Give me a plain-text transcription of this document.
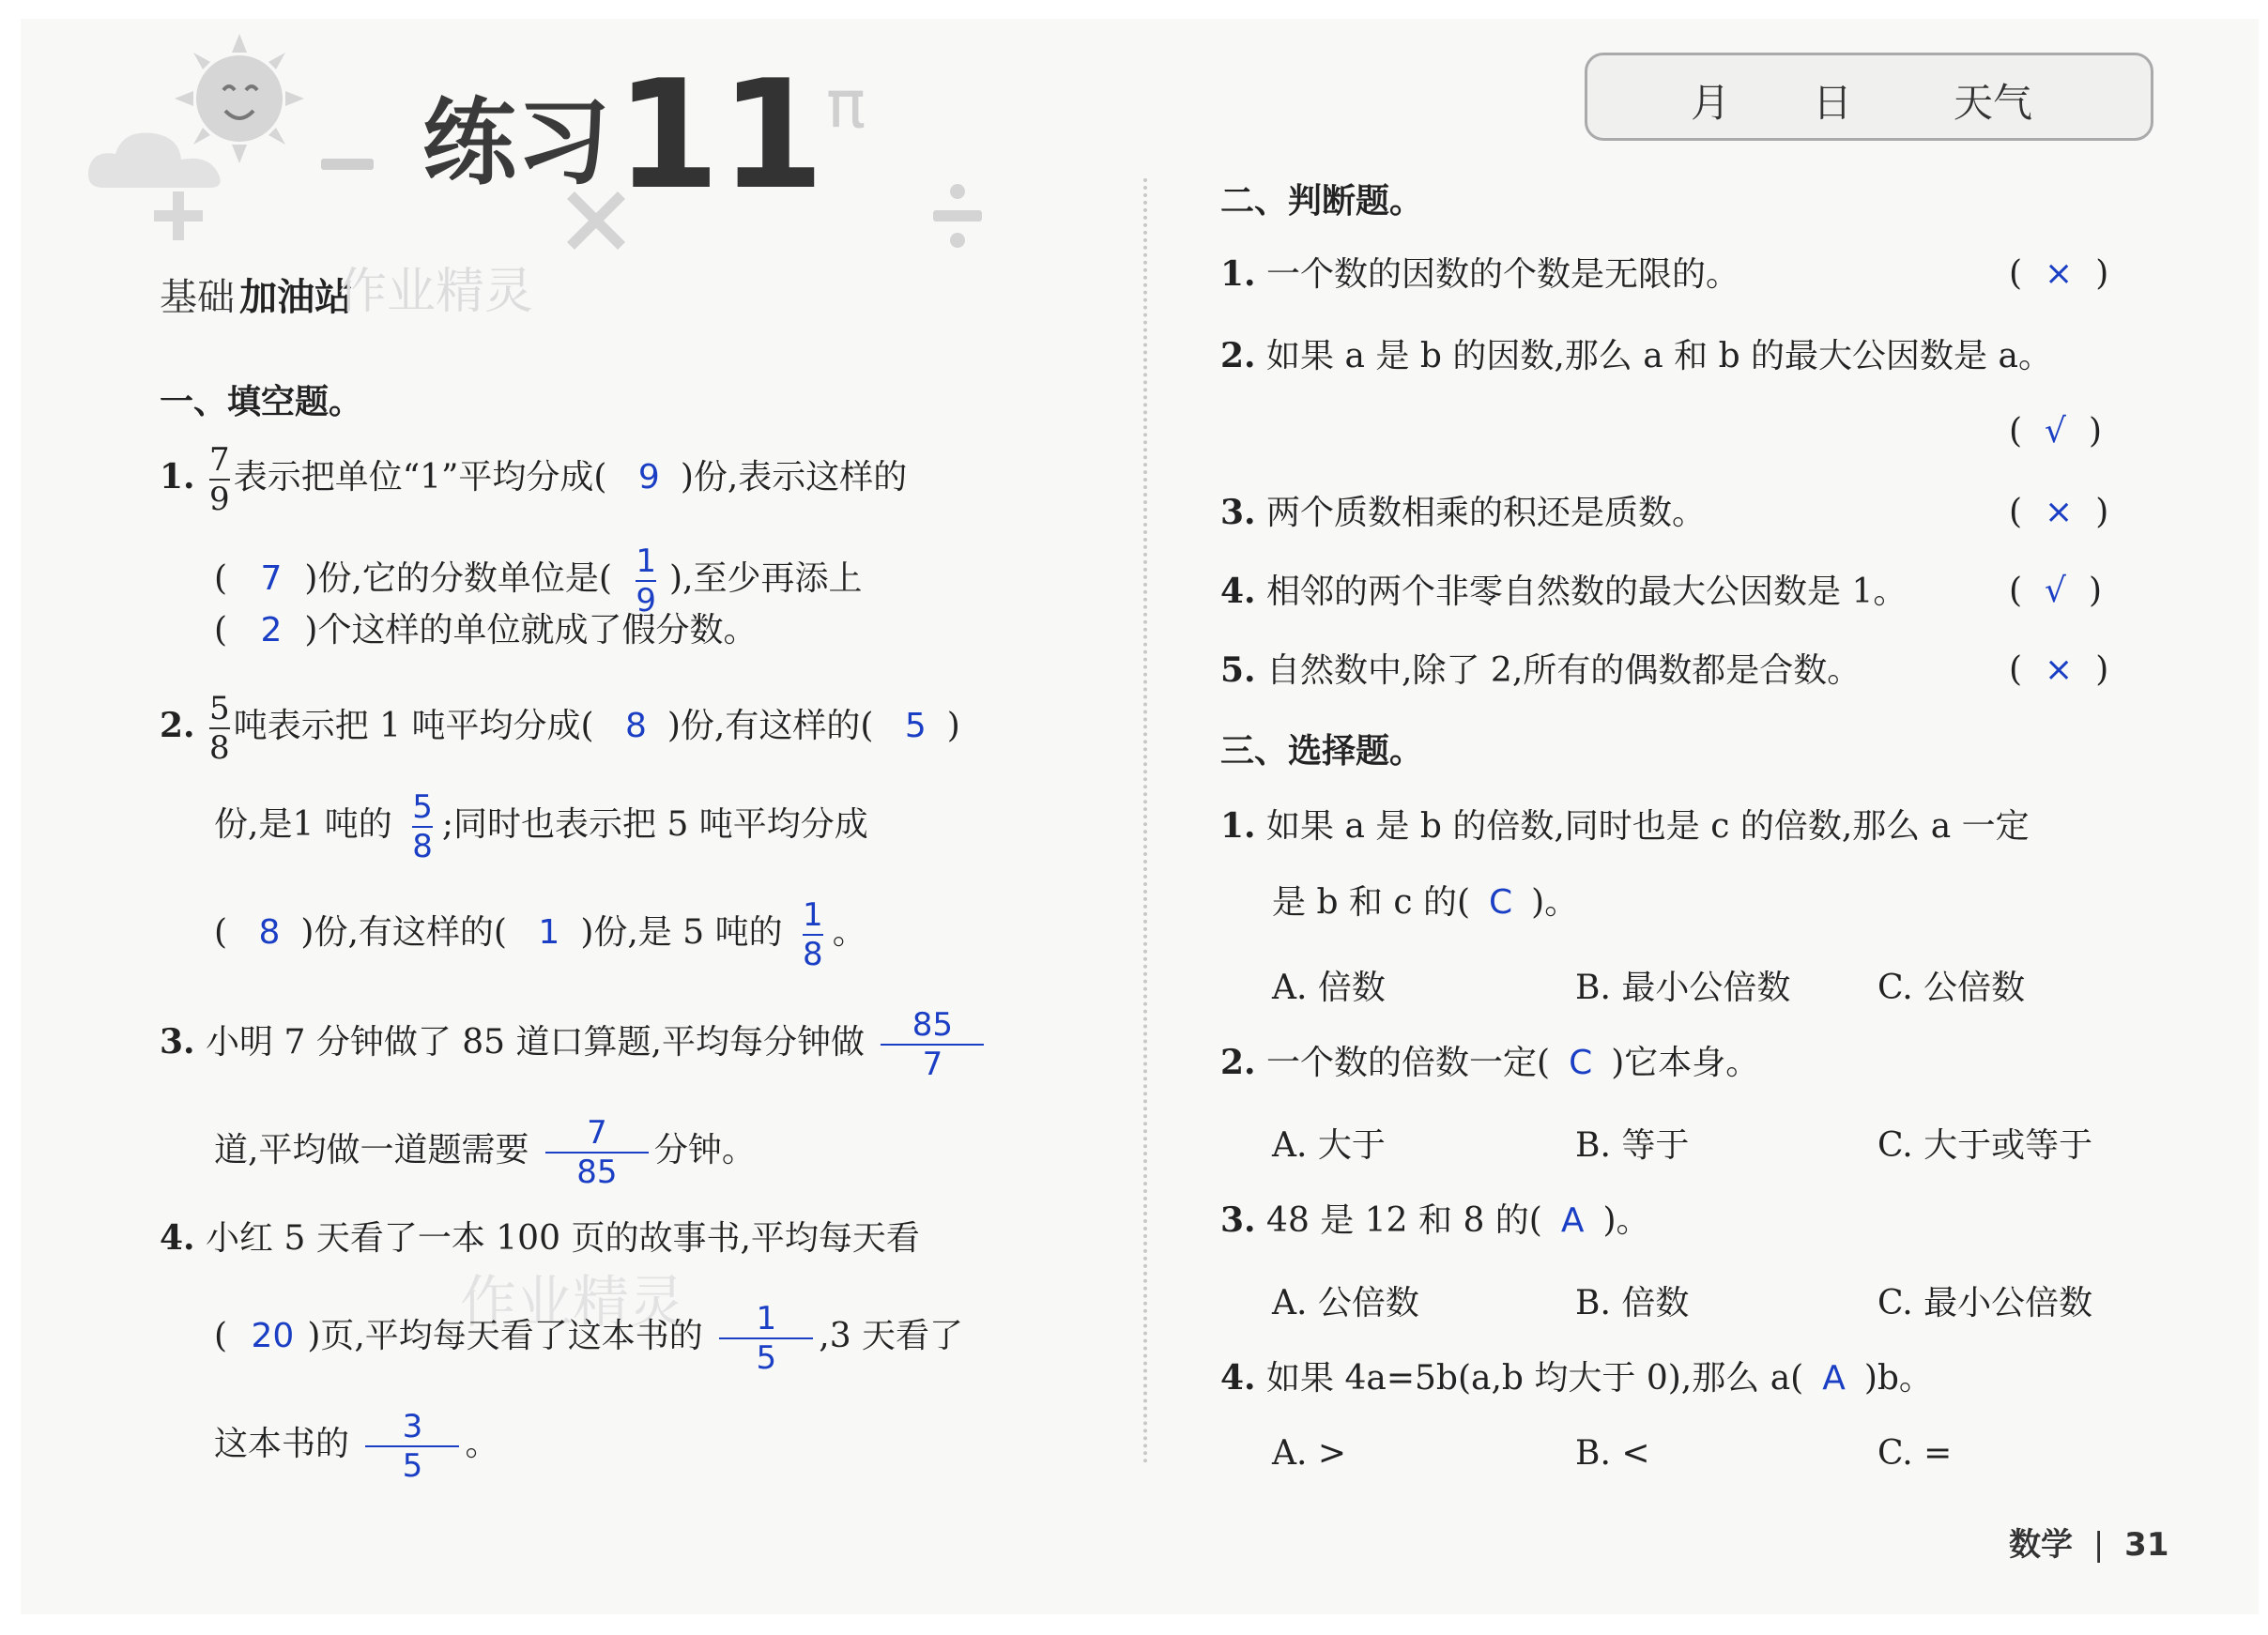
练习 11 π	月 日	天气
基础 加油站
作业精灵
作业精灵
一、填空题。
1. $\frac{7}{9}$ 表示把单位“1”平均分成( 9 )份,表示这样的
( 7 )份,它的分数单位是( $\frac{1}{9}$ ),至少再添上
( 2 )个这样的单位就成了假分数。
2. $\frac{5}{8}$ 吨表示把 1 吨平均分成( 8 )份,有这样的( 5 )
份,是1 吨的 $\frac{5}{8}$ ;同时也表示把 5 吨平均分成
( 8 )份,有这样的( 1 )份,是 5 吨的 $\frac{1}{8}$ 。
3. 小明 7 分钟做了 85 道口算题,平均每分钟做 $\frac{85}{7}$
道,平均做一道题需要 $\frac{7}{85}$ 分钟。
4. 小红 5 天看了一本 100 页的故事书,平均每天看
( 20 )页,平均每天看了这本书的 $\frac{1}{5} ,3$ 天看了
这本书的 $\frac{3}{5}$ 。
二、判断题。
1. 一个数的因数的个数是无限的。	( × )
2. 如果 a 是 b 的因数,那么 a 和 b 的最大公因数是 a。
( √ )
3. 两个质数相乘的积还是质数。	( × )
4. 相邻的两个非零自然数的最大公因数是 1。	( √ )
5. 自然数中,除了 2,所有的偶数都是合数。	( × )
三、选择题。
1. 如果 a 是 b 的倍数,同时也是 c 的倍数,那么 a 一定
是 b 和 c 的( C )。
A. 倍数	B. 最小公倍数	C. 公倍数
2. 一个数的倍数一定( C )它本身。
A. 大于	B. 等于	C. 大于或等于
3. 48 是 12 和 8 的( A )。
A. 公倍数	B. 倍数	C. 最小公倍数
4. 如果 4a=5b(a,b 均大于 0),那么 a( A )b。
A. >	B. <	C. =
数学 | 31
